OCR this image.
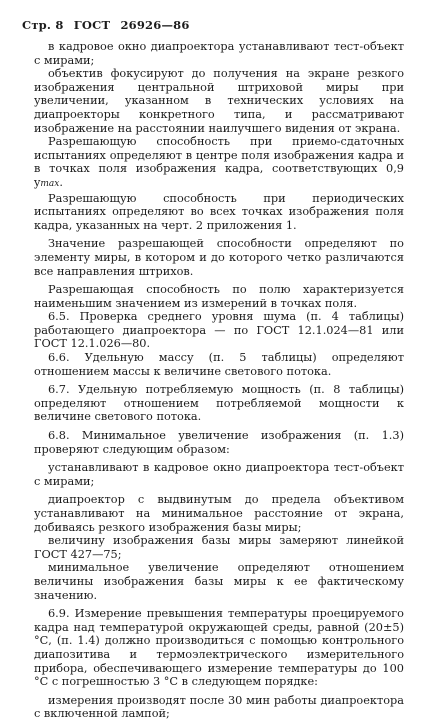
Стр. 8 ГОСТ 26926—86

в кадровое окно диапроектора устанавливают тест-объект с мирами;

объектив фокусируют до получения на экране резкого изображения центральной штриховой миры при увеличении, указанном в технических условиях на диапроекторы конкретного типа, и рассматривают изображение на расстоянии наилучшего видения от экрана.

Разрешающую способность при приемо-сдаточных испытаниях определяют в центре поля изображения кадра и в точках поля изображения кадра, соответствующих 0,9 ymax.

Разрешающую способность при периодических испытаниях определяют во всех точках изображения поля кадра, указанных на черт. 2 приложения 1.

Значение разрешающей способности определяют по элементу миры, в котором и до которого четко различаются все направления штрихов.

Разрешающая способность по полю характеризуется наименьшим значением из измерений в точках поля.

6.5. Проверка среднего уровня шума (п. 4 таблицы) работающего диапроектора — по ГОСТ 12.1.024—81 или ГОСТ 12.1.026—80.

6.6. Удельную массу (п. 5 таблицы) определяют отношением массы к величине светового потока.

6.7. Удельную потребляемую мощность (п. 8 таблицы) определяют отношением потребляемой мощности к величине светового потока.

6.8. Минимальное увеличение изображения (п. 1.3) проверяют следующим образом:

устанавливают в кадровое окно диапроектора тест-объект с мирами;

диапроектор с выдвинутым до предела объективом устанавливают на минимальное расстояние от экрана, добиваясь резкого изображения базы миры;

величину изображения базы миры замеряют линейкой ГОСТ 427—75;

минимальное увеличение определяют отношением величины изображения базы миры к ее фактическому значению.

6.9. Измерение превышения температуры проецируемого кадра над температурой окружающей среды, равной (20±5)°С, (п. 1.4) должно производиться с помощью контрольного диапозитива и термоэлектрического измерительного прибора, обеспечивающего измерение температуры до 100 °С с погрешностью 3 °С в следующем порядке:

измерения производят после 30 мин работы диапроектора с включенной лампой;
